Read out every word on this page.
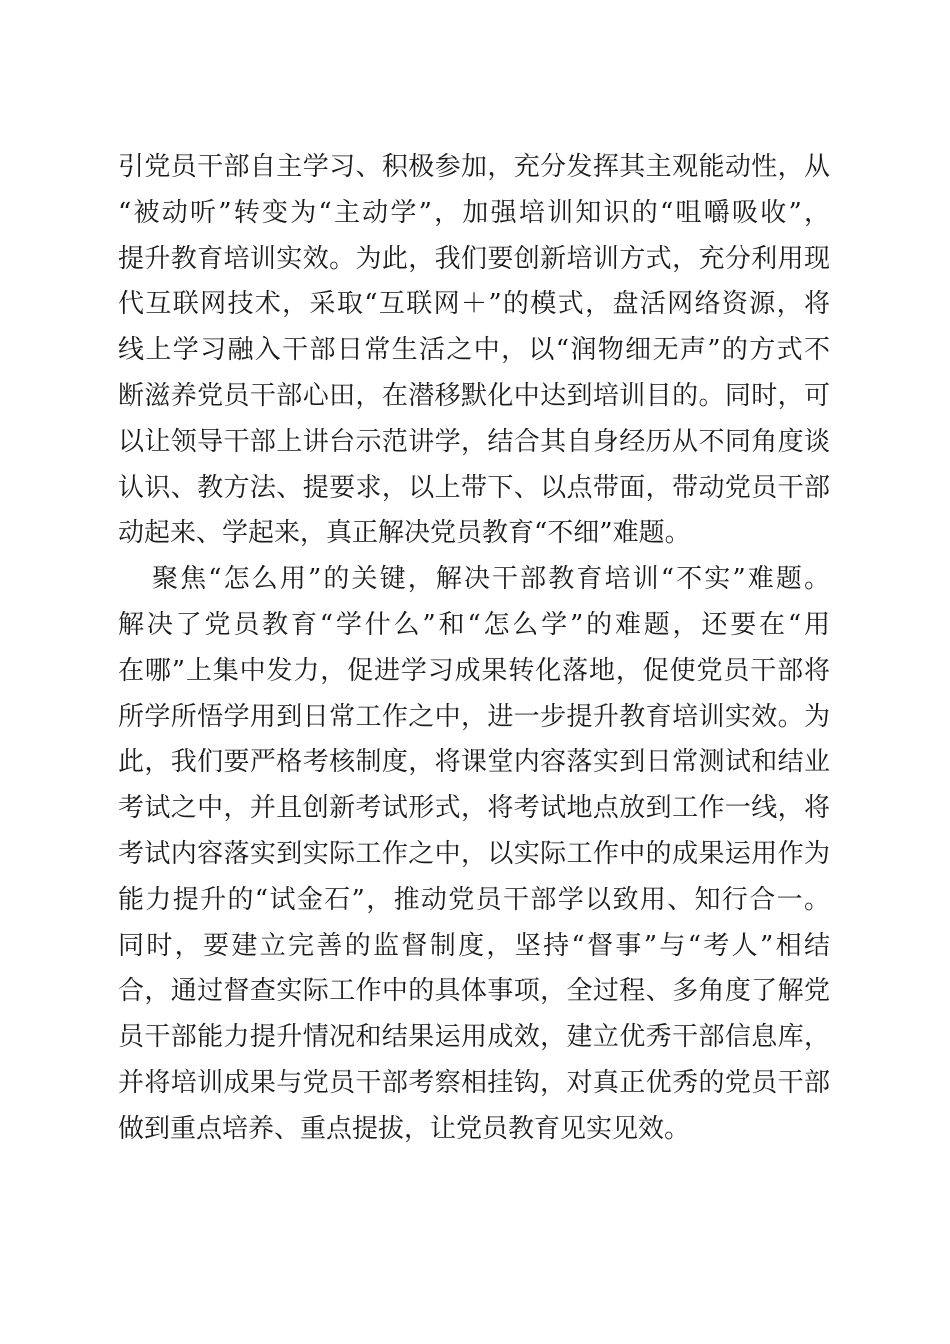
引党员干部自主学习、积极参加，充分发挥其主观能动性，从
“被动听”转变为“主动学”，加强培训知识的“咀嚼吸收”，
提升教育培训实效。为此，我们要创新培训方式，充分利用现
代互联网技术，采取“互联网＋”的模式，盘活网络资源，将
线上学习融入干部日常生活之中，以“润物细无声”的方式不
断滋养党员干部心田，在潜移默化中达到培训目的。同时，可
以让领导干部上讲台示范讲学，结合其自身经历从不同角度谈
认识、教方法、提要求，以上带下、以点带面，带动党员干部
动起来、学起来，真正解决党员教育“不细”难题。
聚焦“怎么用”的关键，解决干部教育培训“不实”难题。
解决了党员教育“学什么”和“怎么学”的难题，还要在“用
在哪”上集中发力，促进学习成果转化落地，促使党员干部将
所学所悟学用到日常工作之中，进一步提升教育培训实效。为
此，我们要严格考核制度，将课堂内容落实到日常测试和结业
考试之中，并且创新考试形式，将考试地点放到工作一线，将
考试内容落实到实际工作之中，以实际工作中的成果运用作为
能力提升的“试金石”，推动党员干部学以致用、知行合一。
同时，要建立完善的监督制度，坚持“督事”与“考人”相结
合，通过督查实际工作中的具体事项，全过程、多角度了解党
员干部能力提升情况和结果运用成效，建立优秀干部信息库，
并将培训成果与党员干部考察相挂钩，对真正优秀的党员干部
做到重点培养、重点提拔，让党员教育见实见效。
